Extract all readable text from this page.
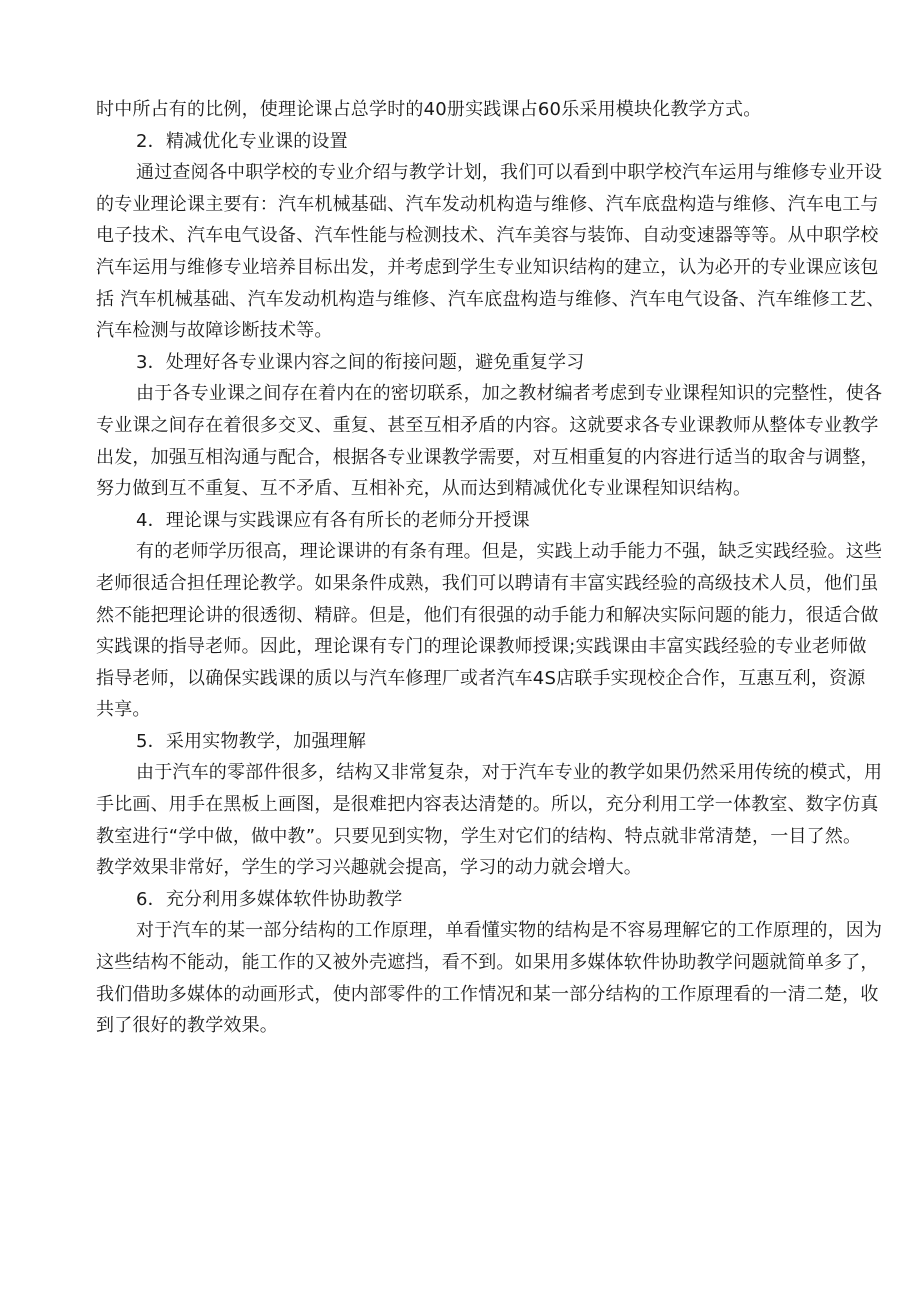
时中所占有的比例，使理论课占总学时的40册实践课占60乐采用模块化教学方式。
2．精减优化专业课的设置
通过查阅各中职学校的专业介绍与教学计划，我们可以看到中职学校汽车运用与维修专业开设
的专业理论课主要有：汽车机械基础、汽车发动机构造与维修、汽车底盘构造与维修、汽车电工与
电子技术、汽车电气设备、汽车性能与检测技术、汽车美容与装饰、自动变速器等等。从中职学校
汽车运用与维修专业培养目标出发，并考虑到学生专业知识结构的建立，认为必开的专业课应该包
括 汽车机械基础、汽车发动机构造与维修、汽车底盘构造与维修、汽车电气设备、汽车维修工艺、
汽车检测与故障诊断技术等。
3．处理好各专业课内容之间的衔接问题，避免重复学习
由于各专业课之间存在着内在的密切联系，加之教材编者考虑到专业课程知识的完整性，使各
专业课之间存在着很多交叉、重复、甚至互相矛盾的内容。这就要求各专业课教师从整体专业教学
出发，加强互相沟通与配合，根据各专业课教学需要，对互相重复的内容进行适当的取舍与调整，
努力做到互不重复、互不矛盾、互相补充，从而达到精减优化专业课程知识结构。
4．理论课与实践课应有各有所长的老师分开授课
有的老师学历很高，理论课讲的有条有理。但是，实践上动手能力不强，缺乏实践经验。这些
老师很适合担任理论教学。如果条件成熟，我们可以聘请有丰富实践经验的高级技术人员，他们虽
然不能把理论讲的很透彻、精辟。但是，他们有很强的动手能力和解决实际问题的能力，很适合做
实践课的指导老师。因此，理论课有专门的理论课教师授课;实践课由丰富实践经验的专业老师做
指导老师，以确保实践课的质以与汽车修理厂或者汽车4S店联手实现校企合作，互惠互利，资源
共享。
5．采用实物教学，加强理解
由于汽车的零部件很多，结构又非常复杂，对于汽车专业的教学如果仍然采用传统的模式，用
手比画、用手在黑板上画图，是很难把内容表达清楚的。所以，充分利用工学一体教室、数字仿真
教室进行“学中做，做中教”。只要见到实物，学生对它们的结构、特点就非常清楚，一目了然。
教学效果非常好，学生的学习兴趣就会提高，学习的动力就会增大。
6．充分利用多媒体软件协助教学
对于汽车的某一部分结构的工作原理，单看懂实物的结构是不容易理解它的工作原理的，因为
这些结构不能动，能工作的又被外壳遮挡，看不到。如果用多媒体软件协助教学问题就简单多了，
我们借助多媒体的动画形式，使内部零件的工作情况和某一部分结构的工作原理看的一清二楚，收
到了很好的教学效果。
